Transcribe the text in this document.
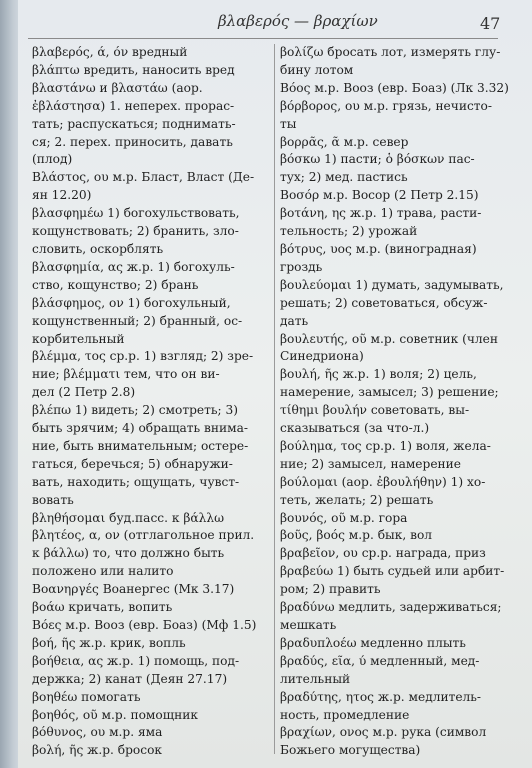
βλαβερός — βραχίων	47
βλαβερός, ά, όν вредный
βλάπτω вредить, наносить вред
βλαστάνω и βλαστάω (аор.
ἐβλάστησα) 1. неперех. прорас-
тать; распускаться; поднимать-
ся; 2. перех. приносить, давать
(плод)
Βλάστος, ου м.р. Бласт, Власт (Де-
ян 12.20)
βλασφημέω 1) богохульствовать,
кощунствовать; 2) бранить, зло-
словить, оскорблять
βλασφημία, ας ж.р. 1) богохуль-
ство, кощунство; 2) брань
βλάσφημος, ον 1) богохульный,
кощунственный; 2) бранный, ос-
корбительный
βλέμμα, τος ср.р. 1) взгляд; 2) зре-
ние; βλέμματι тем, что он ви-
дел (2 Петр 2.8)
βλέπω 1) видеть; 2) смотреть; 3)
быть зрячим; 4) обращать внима-
ние, быть внимательным; остере-
гаться, беречься; 5) обнаружи-
вать, находить; ощущать, чувст-
вовать
βληθήσομαι буд.пасс. к βάλλω
βλητέος, α, ον (отглагольное прил.
к βάλλω) то, что должно быть
положено или налито
Βοανηργές Воанергес (Мк 3.17)
βοάω кричать, вопить
Βόες м.р. Вооз (евр. Боаз) (Мф 1.5)
βοή, ῆς ж.р. крик, вопль
βοήθεια, ας ж.р. 1) помощь, под-
держка; 2) канат (Деян 27.17)
βοηθέω помогать
βοηθός, οῦ м.р. помощник
βόθυνος, ου м.р. яма
βολή, ῆς ж.р. бросок
βολίζω бросать лот, измерять глу-
бину лотом
Βόος м.р. Вооз (евр. Боаз) (Лк 3.32)
βόρβορος, ου м.р. грязь, нечисто-
ты
βορρᾶς, ᾶ м.р. север
βόσκω 1) пасти; ὁ βόσκων пас-
тух; 2) мед. пастись
Βοσόρ м.р. Восор (2 Петр 2.15)
βοτάνη, ης ж.р. 1) трава, расти-
тельность; 2) урожай
βότρυς, υος м.р. (виноградная)
гроздь
βουλεύομαι 1) думать, задумывать,
решать; 2) советоваться, обсуж-
дать
βουλευτής, οῦ м.р. советник (член
Синедриона)
βουλή, ῆς ж.р. 1) воля; 2) цель,
намерение, замысел; 3) решение;
τίθημι βουλήν советовать, вы-
сказываться (за что-л.)
βούλημα, τος ср.р. 1) воля, жела-
ние; 2) замысел, намерение
βούλομαι (аор. ἐβουλήθην) 1) хо-
теть, желать; 2) решать
βουνός, οῦ м.р. гора
βοῦς, βοός м.р. бык, вол
βραβεῖον, ου ср.р. награда, приз
βραβεύω 1) быть судьей или арбит-
ром; 2) править
βραδύνω медлить, задерживаться;
мешкать
βραδυπλοέω медленно плыть
βραδύς, εῖα, ύ медленный, мед-
лительный
βραδύτης, ητος ж.р. медлитель-
ность, промедление
βραχίων, ονος м.р. рука (символ
Божьего могущества)
